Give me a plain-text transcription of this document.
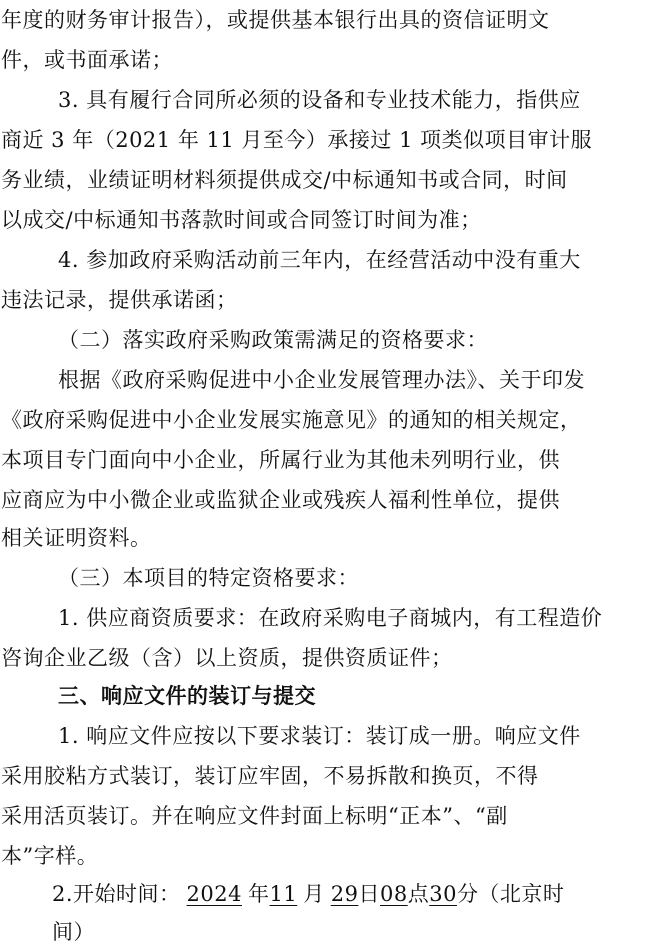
年度的财务审计报告），或提供基本银行出具的资信证明文
件，或书面承诺；
3. 具有履行合同所必须的设备和专业技术能力，指供应
商近 3 年（2021 年 11 月至今）承接过 1 项类似项目审计服
务业绩，业绩证明材料须提供成交/中标通知书或合同，时间
以成交/中标通知书落款时间或合同签订时间为准；
4. 参加政府采购活动前三年内，在经营活动中没有重大
违法记录，提供承诺函；
（二）落实政府采购政策需满足的资格要求：
根据《政府采购促进中小企业发展管理办法》、关于印发
《政府采购促进中小企业发展实施意见》的通知的相关规定，
本项目专门面向中小企业，所属行业为其他未列明行业，供
应商应为中小微企业或监狱企业或残疾人福利性单位，提供
相关证明资料。
（三）本项目的特定资格要求：
1. 供应商资质要求：在政府采购电子商城内，有工程造价
咨询企业乙级（含）以上资质，提供资质证件；
三、响应文件的装订与提交
1. 响应文件应按以下要求装订：装订成一册。响应文件
采用胶粘方式装订，装订应牢固，不易拆散和换页，不得
采用活页装订。并在响应文件封面上标明“正本”、“副
本”字样。
2.开始时间： 2024 年11 月 29日08点30分（北京时
间）
